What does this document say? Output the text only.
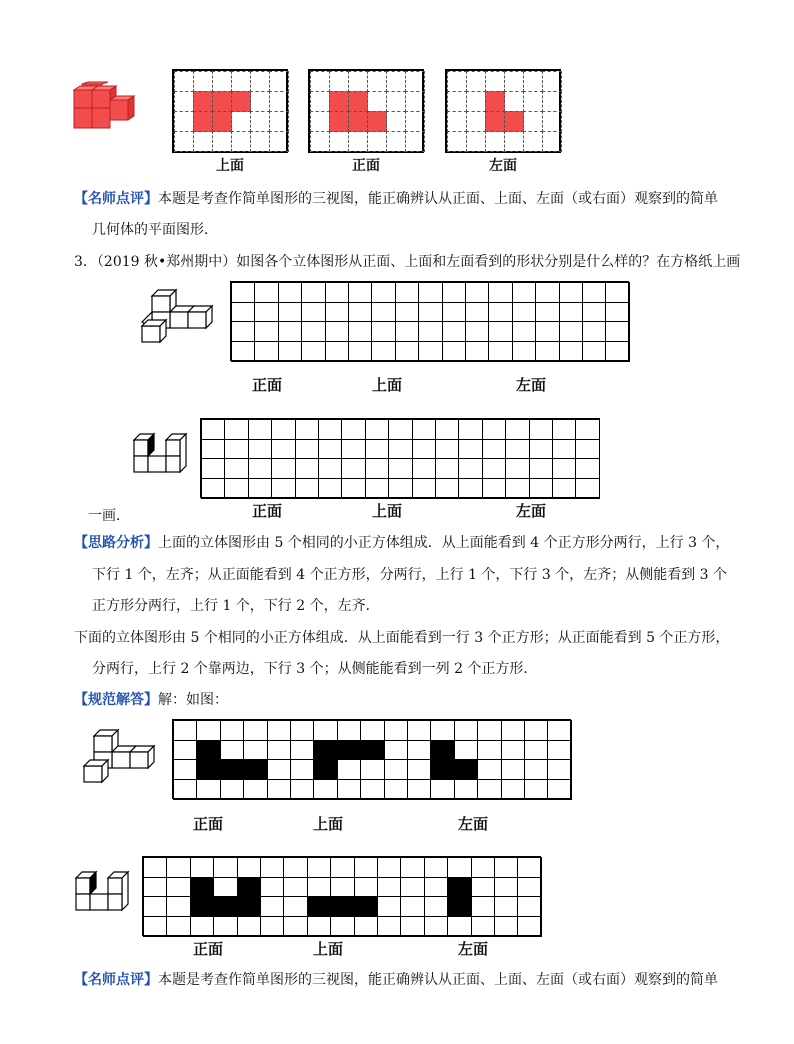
上面	正面	左面
【名师点评】本题是考查作简单图形的三视图，能正确辨认从正面、上面、左面（或右面）观察到的简单
几何体的平面图形．
3．（2019 秋•郑州期中）如图各个立体图形从正面、上面和左面看到的形状分别是什么样的？在方格纸上画
正面	上面	左面
一画．	正面	上面	左面
【思路分析】上面的立体图形由 5 个相同的小正方体组成．从上面能看到 4 个正方形分两行，上行 3 个，
下行 1 个，左齐；从正面能看到 4 个正方形，分两行，上行 1 个，下行 3 个，左齐；从侧能看到 3 个
正方形分两行，上行 1 个，下行 2 个，左齐．
下面的立体图形由 5 个相同的小正方体组成．从上面能看到一行 3 个正方形；从正面能看到 5 个正方形，
分两行，上行 2 个靠两边，下行 3 个；从侧能能看到一列 2 个正方形．
【规范解答】解：如图：
正面	上面	左面
正面	上面	左面
【名师点评】本题是考查作简单图形的三视图，能正确辨认从正面、上面、左面（或右面）观察到的简单
